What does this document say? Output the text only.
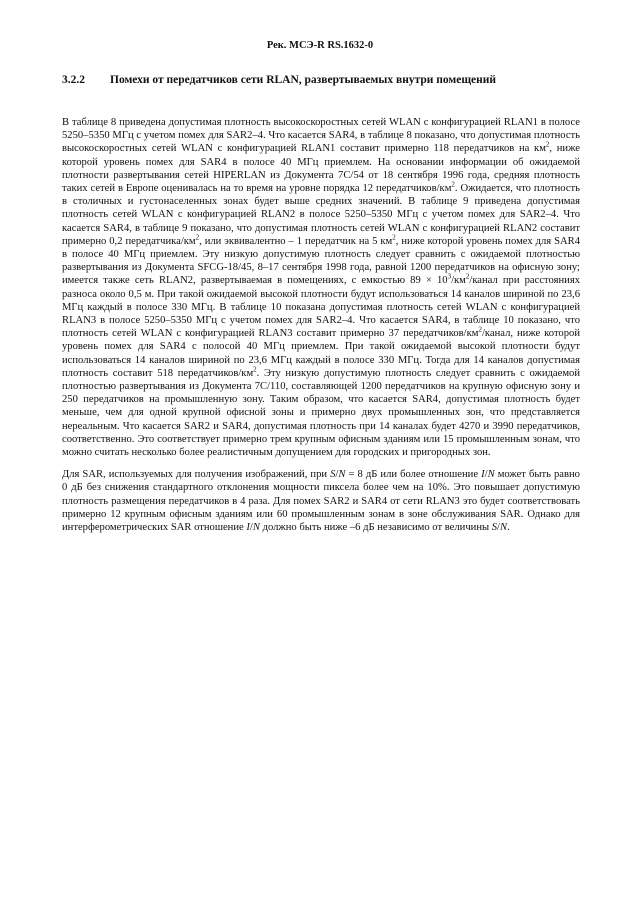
Рек. МСЭ-R RS.1632-0
3.2.2	Помехи от передатчиков сети RLAN, развертываемых внутри помещений

В таблице 8 приведена допустимая плотность высокоскоростных сетей WLAN с конфигурацией RLAN1 в полосе 5250–5350 МГц с учетом помех для SAR2–4. Что касается SAR4, в таблице 8 показано, что допустимая плотность высокоскоростных сетей WLAN с конфигурацией RLAN1 составит примерно 118 передатчиков на $км^2$, ниже которой уровень помех для SAR4 в полосе 40 МГц приемлем. На основании информации об ожидаемой плотности развертывания сетей HIPERLAN из Документа 7C/54 от 18 сентября 1996 года, средняя плотность таких сетей в Европе оценивалась на то время на уровне порядка 12 передатчиков/$км^2$. Ожидается, что плотность в столичных и густонаселенных зонах будет выше средних значений. В таблице 9 приведена допустимая плотность сетей WLAN с конфигурацией RLAN2 в полосе 5250–5350 МГц с учетом помех для SAR2–4. Что касается SAR4, в таблице 9 показано, что допустимая плотность сетей WLAN с конфигурацией RLAN2 составит примерно 0,2 передатчика/$км^2$, или эквивалентно – 1 передатчик на 5 $км^2$, ниже которой уровень помех для SAR4 в полосе 40 МГц приемлем. Эту низкую допустимую плотность следует сравнить с ожидаемой плотностью развертывания из Документа SFCG-18/45, 8–17 сентября 1998 года, равной 1200 передатчиков на офисную зону; имеется также сеть RLAN2, развертываемая в помещениях, с емкостью $89 \times 10^3/км^2$/канал при расстояниях разноса около 0,5 м. При такой ожидаемой высокой плотности будут использоваться 14 каналов шириной по 23,6 МГц каждый в полосе 330 МГц. В таблице 10 показана допустимая плотность сетей WLAN с конфигурацией RLAN3 в полосе 5250–5350 МГц с учетом помех для SAR2–4. Что касается SAR4, в таблице 10 показано, что плотность сетей WLAN с конфигурацией RLAN3 составит примерно 37 передатчиков/$км^2$/канал, ниже которой уровень помех для SAR4 с полосой 40 МГц приемлем. При такой ожидаемой высокой плотности будут использоваться 14 каналов шириной по 23,6 МГц каждый в полосе 330 МГц. Тогда для 14 каналов допустимая плотность составит 518 передатчиков/$км^2$. Эту низкую допустимую плотность следует сравнить с ожидаемой плотностью развертывания из Документа 7C/110, составляющей 1200 передатчиков на крупную офисную зону и 250 передатчиков на промышленную зону. Таким образом, что касается SAR4, допустимая плотность будет меньше, чем для одной крупной офисной зоны и примерно двух промышленных зон, что представляется нереальным. Что касается SAR2 и SAR4, допустимая плотность при 14 каналах будет 4270 и 3990 передатчиков, соответственно. Это соответствует примерно трем крупным офисным зданиям или 15 промышленным зонам, что можно считать несколько более реалистичным допущением для городских и пригородных зон.

Для SAR, используемых для получения изображений, при S/N = 8 дБ или более отношение I/N может быть равно 0 дБ без снижения стандартного отклонения мощности пиксела более чем на 10%. Это повышает допустимую плотность размещения передатчиков в 4 раза. Для помех SAR2 и SAR4 от сети RLAN3 это будет соответствовать примерно 12 крупным офисным зданиям или 60 промышленным зонам в зоне обслуживания SAR. Однако для интерферометрических SAR отношение I/N должно быть ниже –6 дБ независимо от величины S/N.
